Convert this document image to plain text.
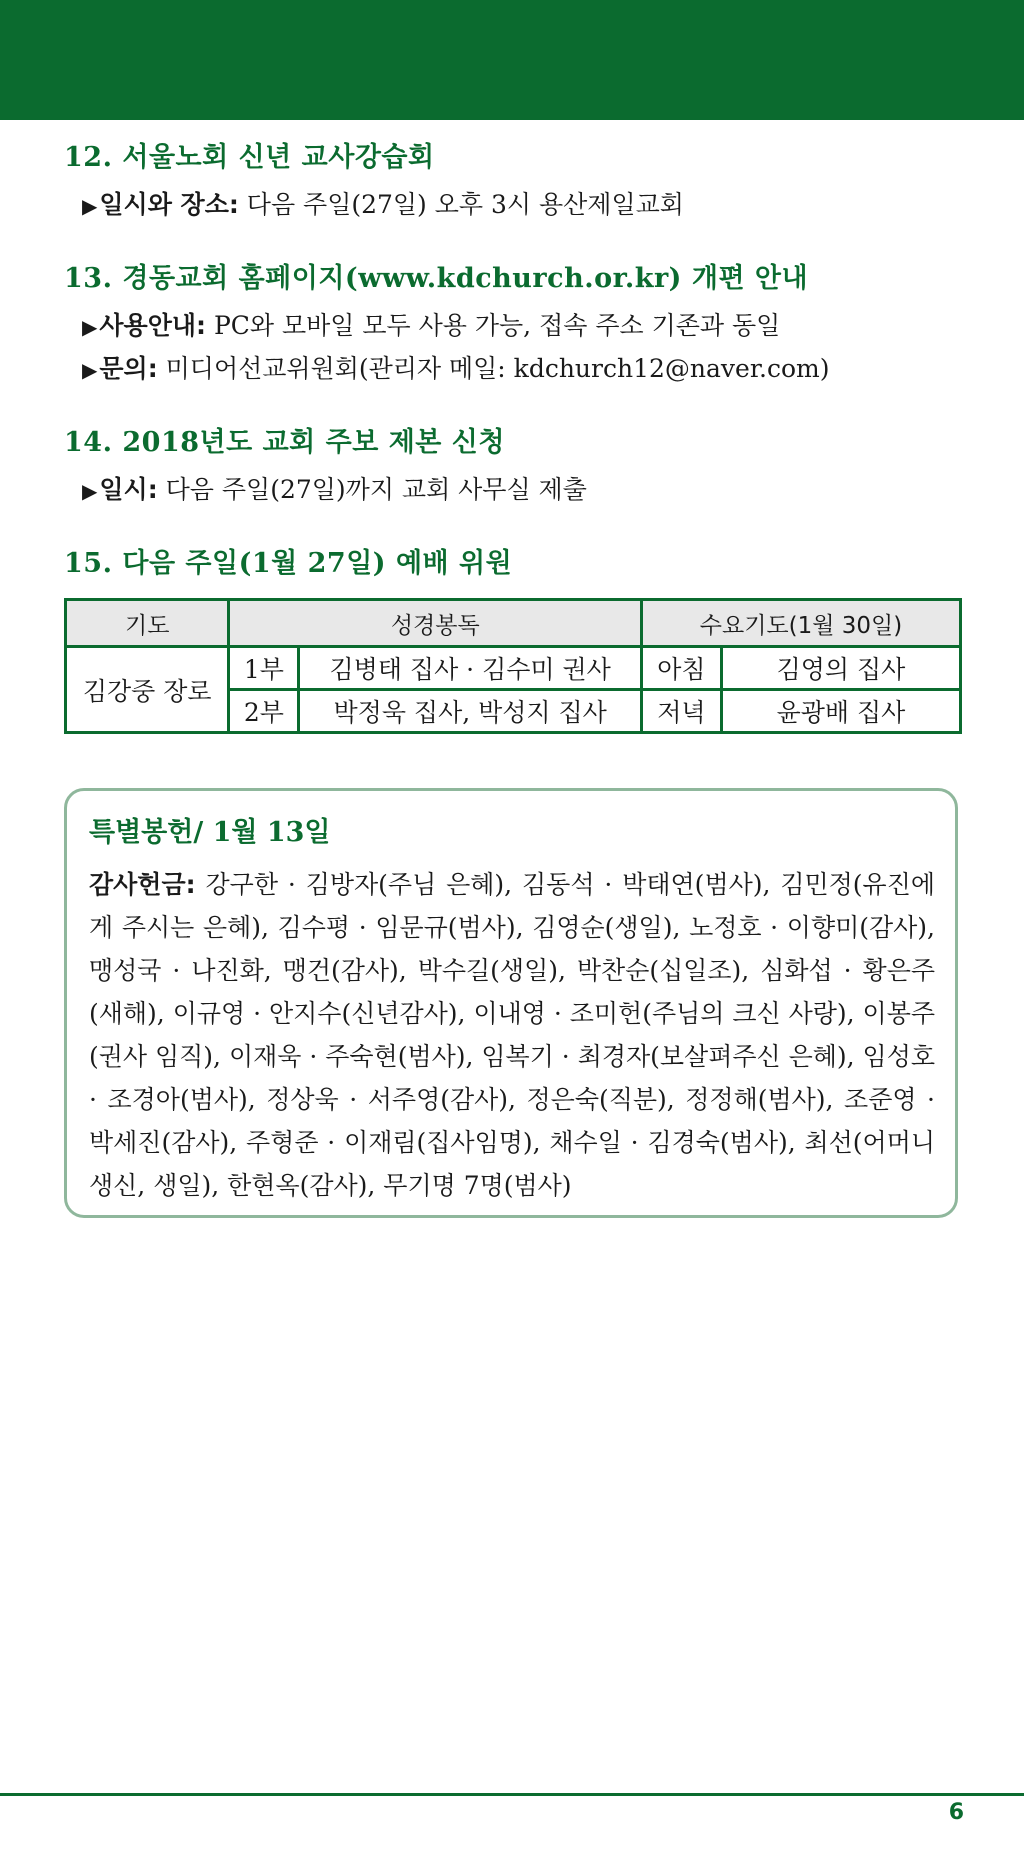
12. 서울노회 신년 교사강습회
▶일시와 장소: 다음 주일(27일) 오후 3시 용산제일교회
13. 경동교회 홈페이지(www.kdchurch.or.kr) 개편 안내
▶사용안내: PC와 모바일 모두 사용 가능, 접속 주소 기존과 동일
▶문의: 미디어선교위원회(관리자 메일: kdchurch12@naver.com)
14. 2018년도 교회 주보 제본 신청
▶일시: 다음 주일(27일)까지 교회 사무실 제출
15. 다음 주일(1월 27일) 예배 위원
기도	성경봉독		수요기도(1월 30일)	
김강중 장로	1부	김병태 집사 · 김수미 권사	아침	김영의 집사
	2부	박정욱 집사, 박성지 집사	저녁	윤광배 집사
특별봉헌/ 1월 13일
감사헌금: 강구한 · 김방자(주님 은혜), 김동석 · 박태연(범사), 김민정(유진에게 주시는 은혜), 김수평 · 임문규(범사), 김영순(생일), 노정호 · 이향미(감사), 맹성국 · 나진화, 맹건(감사), 박수길(생일), 박찬순(십일조), 심화섭 · 황은주(새해), 이규영 · 안지수(신년감사), 이내영 · 조미헌(주님의 크신 사랑), 이봉주(권사 임직), 이재욱 · 주숙현(범사), 임복기 · 최경자(보살펴주신 은혜), 임성호 · 조경아(범사), 정상욱 · 서주영(감사), 정은숙(직분), 정정해(범사), 조준영 · 박세진(감사), 주형준 · 이재림(집사임명), 채수일 · 김경숙(범사), 최선(어머니 생신, 생일), 한현옥(감사), 무기명 7명(범사)
6
